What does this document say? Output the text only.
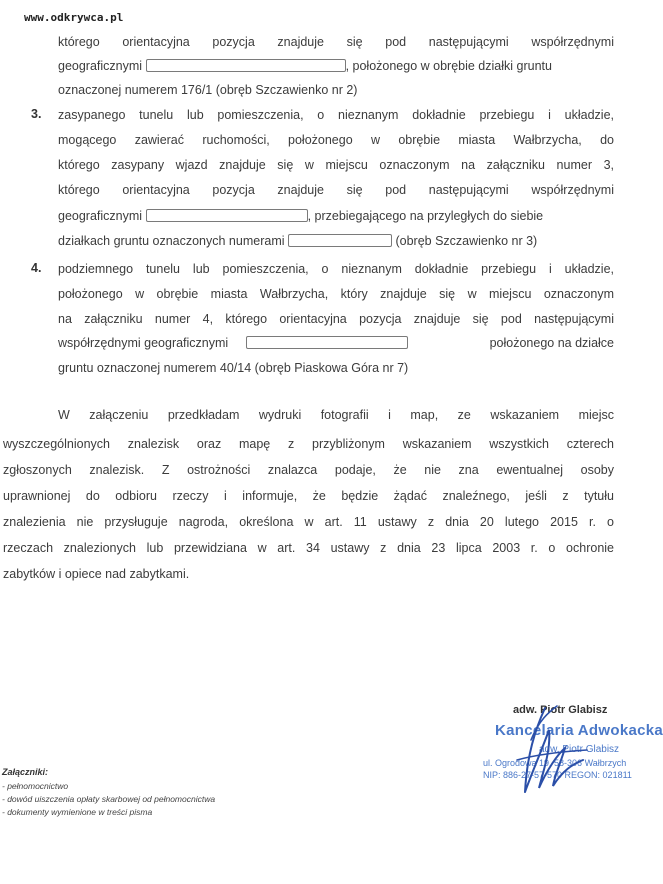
www.odkrywca.pl
którego orientacyjna pozycja znajduje się pod następującymi współrzędnymi
geograficznymi	, położonego w obrębie działki gruntu
oznaczonej numerem 176/1 (obręb Szczawienko nr 2)
3. zasypanego tunelu lub pomieszczenia, o nieznanym dokładnie przebiegu i układzie,
mogącego zawierać ruchomości, położonego w obrębie miasta Wałbrzycha, do
którego zasypany wjazd znajduje się w miejscu oznaczonym na załączniku numer 3,
którego orientacyjna pozycja znajduje się pod następującymi współrzędnymi
geograficznymi	, przebiegającego na przyległych do siebie
działkach gruntu oznaczonych numerami	(obręb Szczawienko nr 3)
4. podziemnego tunelu lub pomieszczenia, o nieznanym dokładnie przebiegu i układzie,
położonego w obrębie miasta Wałbrzycha, który znajduje się w miejscu oznaczonym
na załączniku numer 4, którego orientacyjna pozycja znajduje się pod następującymi
współrzędnymi geograficznymi	położonego na działce
gruntu oznaczonej numerem 40/14 (obręb Piaskowa Góra nr 7)
W załączeniu przedkładam wydruki fotografii i map, ze wskazaniem miejsc
wyszczególnionych znalezisk oraz mapę z przybliżonym wskazaniem wszystkich czterech
zgłoszonych znalezisk. Z ostrożności znalazca podaje, że nie zna ewentualnej osoby
uprawnionej do odbioru rzeczy i informuje, że będzie żądać znaleźnego, jeśli z tytułu
znalezienia nie przysługuje nagroda, określona w art. 11 ustawy z dnia 20 lutego 2015 r. o
rzeczach znalezionych lub przewidziana w art. 34 ustawy z dnia 23 lipca 2003 r. o ochronie
zabytków i opiece nad zabytkami.
adw. Piotr Glabisz
Kancelaria Adwokacka
adw. Piotr Glabisz
ul. Ogrodowa 19, 58-306 Wałbrzych
NIP: 886-27-57-570 REGON: 021811
Załączniki:
- pełnomocnictwo
- dowód uiszczenia opłaty skarbowej od pełnomocnictwa
- dokumenty wymienione w treści pisma
